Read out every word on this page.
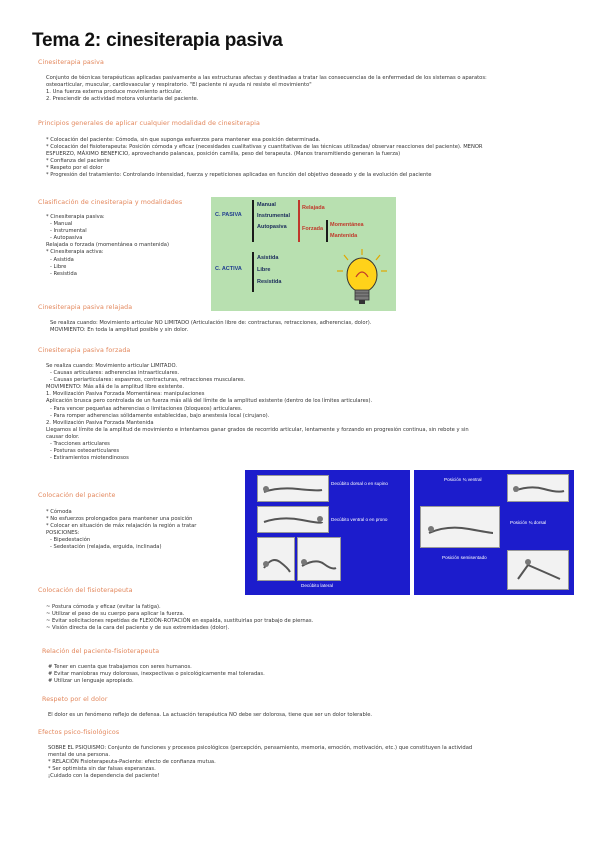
Tema 2: cinesiterapia pasiva
Cinesiterapia pasiva
Conjunto de técnicas terapéuticas aplicadas pasivamente a las estructuras afectas y destinadas a tratar las consecuencias de la enfermedad de los sistemas o aparatos:
osteoarticular, muscular, cardiovascular y respiratorio. "El paciente ni ayuda ni resiste el movimiento"
1. Una fuerza externa produce movimiento articular.
2. Presciendir de actividad motora voluntaria del paciente.
Principios generales de aplicar cualquier modalidad de cinesiterapia
* Colocación del paciente: Cómoda, sin que suponga esfuerzos para mantener esa posición determinada.
* Colocación del fisioterapeuta: Posición cómoda y eficaz (necesidades cualitativas y cuantitativas de las técnicas utilizadas/ observar reacciones del paciente). MENOR
ESFUERZO, MÁXIMO BENEFICIO, aprovechando palancas, posición camilla, peso del terapeuta. (Manos transmitiendo generan la fuerza)
* Confianza del paciente
* Respeto por el dolor
* Progresión del tratamiento: Controlando intensidad, fuerza y repeticiones aplicadas en función del objetivo deseado y de la evolución del paciente
Clasificación de cinesiterapia y modalidades
* Cinesiterapia pasiva:
- Manual
- Instrumental
- Autopasiva
Relajada o forzada (momentánea o mantenida)
* Cinesiterapia activa:
- Asistida
- Libre
- Resistida
C. PASIVA
Manual
Instrumental
Autopasiva
Relajada
Forzada
Momentánea
Mantenida
C. ACTIVA
Asistida
Libre
Resistida
Cinesiterapia pasiva relajada
Se realiza cuando: Movimiento articular NO LIMITADO (Articulación libre de: contracturas, retracciones, adherencias, dolor).
MOVIMIENTO: En toda la amplitud posible y sin dolor.
Cinesiterapia pasiva forzada
Se realiza cuando: Movimiento articular LIMITADO.
- Causas articulares: adherencias intraarticulares.
- Causas periarticulares: espasmos, contracturas, retracciones musculares.
MOVIMIENTO: Más allá de la amplitud libre existente.
1. Movilización Pasiva Forzada Momentánea: manipulaciones
Aplicación brusca pero controlada de un fuerza más allá del límite de la amplitud existente (dentro de los límites articulares).
- Para vencer pequeñas adherencias o limitaciones (bloqueos) articulares.
- Para romper adherencias sólidamente establecidas, bajo anestesia local (cirujano).
2. Movilización Pasiva Forzada Mantenida
Llegamos al límite de la amplitud de movimiento e intentamos ganar grados de recorrido articular, lentamente y forzando en progresión continua, sin rebote y sin
causar dolor.
- Tracciones articulares
- Posturas osteoarticulares
- Estiramientos miotendinosos
Colocación del paciente
* Cómoda
* No esfuerzos prolongados para mantener una posición
* Colocar en situación de máx relajación la región a tratar
POSICIONES:
- Bipedestación
- Sedestación (relajada, erguida, inclinada)
Decúbito dorsal o en supino
Decúbito ventral o en prono
Decúbito lateral
Posición ¾ ventral
Posición ¾ dorsal
Posición semisentado
Colocación del fisioterapeuta
~ Postura cómoda y eficaz (evitar la fatiga).
~ Utilizar el peso de su cuerpo para aplicar la fuerza.
~ Evitar solicitaciones repetidas de FLEXIÓN-ROTACIÓN en espalda, sustituirlas por trabajo de piernas.
~ Visión directa de la cara del paciente y de sus extremidades (dolor).
Relación del paciente-fisioterapeuta
# Tener en cuenta que trabajamos con seres humanos.
# Evitar maniobras muy dolorosas, inexpectivas o psicológicamente mal toleradas.
# Utilizar un lenguaje apropiado.
Respeto por el dolor
El dolor es un fenómeno reflejo de defensa. La actuación terapéutica NO debe ser dolorosa, tiene que ser un dolor tolerable.
Efectos psico-fisiológicos
SOBRE EL PSIQUISMO: Conjunto de funciones y procesos psicológicos (percepción, pensamiento, memoria, emoción, motivación, etc.) que constituyen la actividad
mental de una persona.
* RELACIÓN Fisioterapeuta-Paciente: efecto de confianza mutua.
* Ser optimista sin dar falsas esperanzas.
¡Cuidado con la dependencia del paciente!
